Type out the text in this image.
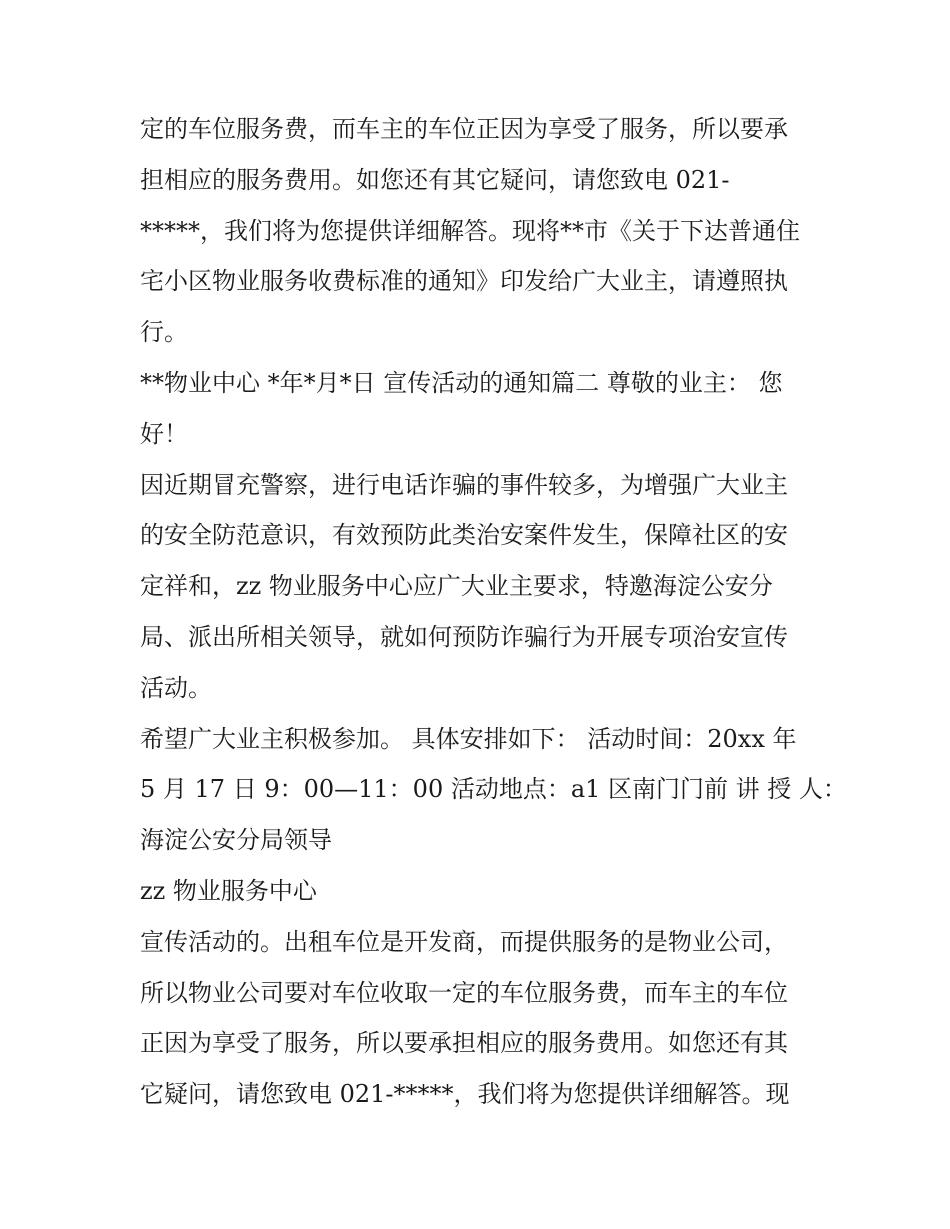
定的车位服务费，而车主的车位正因为享受了服务，所以要承
担相应的服务费用。如您还有其它疑问，请您致电 021-
*****，我们将为您提供详细解答。现将**市《关于下达普通住
宅小区物业服务收费标准的通知》印发给广大业主，请遵照执
行。
**物业中心 *年*月*日 宣传活动的通知篇二 尊敬的业主： 您
好！
因近期冒充警察，进行电话诈骗的事件较多，为增强广大业主
的安全防范意识，有效预防此类治安案件发生，保障社区的安
定祥和，zz 物业服务中心应广大业主要求，特邀海淀公安分
局、派出所相关领导，就如何预防诈骗行为开展专项治安宣传
活动。
希望广大业主积极参加。 具体安排如下： 活动时间：20xx 年
5 月 17 日 9：00—11：00 活动地点：a1 区南门门前 讲 授 人：
海淀公安分局领导
zz 物业服务中心
宣传活动的。出租车位是开发商，而提供服务的是物业公司，
所以物业公司要对车位收取一定的车位服务费，而车主的车位
正因为享受了服务，所以要承担相应的服务费用。如您还有其
它疑问，请您致电 021-*****，我们将为您提供详细解答。现
